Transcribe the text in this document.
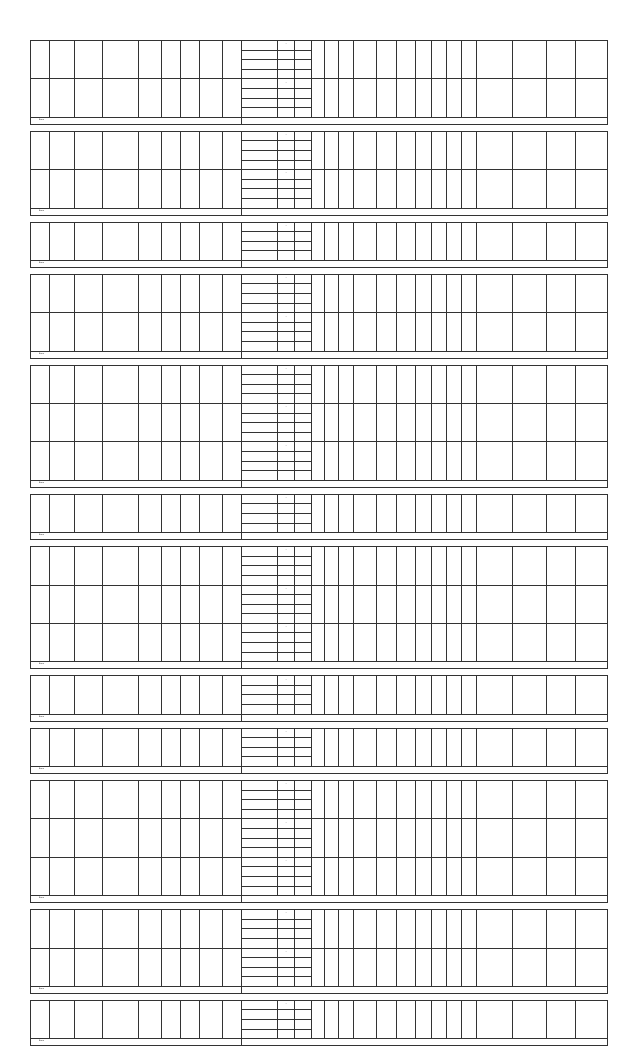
										—															

										—															

Итого																									

										—															

										—															

Итого																									

										—															

Итого																									

										—															

										—															

Итого																									

										—															

										—															

										—															

Итого																									

										—															

Итого																									

										—															

										—															

										—															

Итого																									

										—															

Итого																									

										—															

Итого																									

										—															

										—															

										—															

Итого																									

										—															

										—															

Итого																									

										—															

Итого																									
